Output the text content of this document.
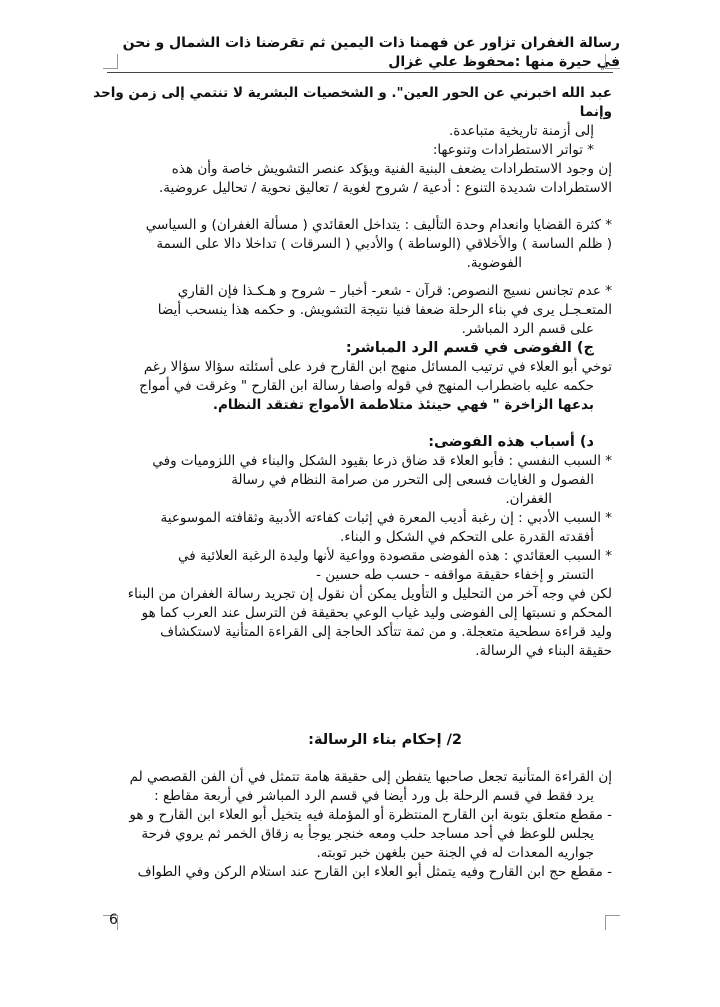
رسالة الغفران تزاور عن فهمنا ذات اليمين ثم تقرضنا ذات الشمال و نحن في حيرة منها :محفوظ علي غزال

عبد الله اخبرني عن الحور العين". و الشخصيات البشرية لا تنتمي إلى زمن واحد وإنما

إلى أزمنة تاريخية متباعدة.

* تواتر الاستطرادات وتنوعها:

إن وجود الاستطرادات يضعف البنية الفنية ويؤكد عنصر التشويش خاصة وأن هذه

الاستطرادات شديدة التنوع : أدعية / شروح لغوية / تعاليق نحوية / تحاليل عروضية.

* كثرة القضايا وانعدام وحدة التأليف : يتداخل العقائدي ( مسألة الغفران) و السياسي

( ظلم الساسة ) والأخلاقي (الوساطة ) والأدبي ( السرقات ) تداخلا دالا على السمة

الفوضوية.

* عدم تجانس نسيج النصوص: قرآن - شعر- أخبار – شروح و هـكـذا فإن القاري

المتعـجـل يرى في بناء الرحلة ضعفا فنيا نتيجة التشويش. و حكمه هذا ينسحب أيضا

على قسم الرد المباشر.

ج) الفوضى في قسم الرد المباشر:

توخي أبو العلاء في ترتيب المسائل منهج ابن القارح فرد على أسئلته سؤالا سؤالا رغم

حكمه عليه باضطراب المنهج في قوله واصفا رسالة ابن القارح " وغرقت في أمواج

بدعها الزاخرة " فهي حينئذ متلاطمة الأمواج تفتقد النظام.

د) أسباب هذه الفوضى:

* السبب النفسي : فأبو العلاء قد ضاق ذرعا بقيود الشكل والبناء في اللزوميات وفي

الفصول و الغايات فسعى إلى التحرر من صرامة النظام في رسالة

الغفران.

* السبب الأدبي : إن رغبة أديب المعرة في إثبات كفاءته الأدبية وثقافته الموسوعية

أفقدته القدرة على التحكم في الشكل و البناء.

* السبب العقائدي : هذه الفوضى مقصودة وواعية لأنها وليدة الرغبة العلائية في

التستر و إخفاء حقيقة مواقفه - حسب طه حسين -

لكن في وجه آخر من التحليل و التأويل يمكن أن نقول إن تجريد رسالة الغفران من البناء

المحكم و نسبتها إلى الفوضى وليد غياب الوعي بحقيقة فن الترسل عند العرب كما هو

وليد قراءة سطحية متعجلة. و من ثمة تتأكد الحاجة إلى القراءة المتأنية لاستكشاف

حقيقة البناء في الرسالة.

2/ إحكام بناء الرسالة:

إن القراءة المتأنية تجعل صاحبها يتفطن إلى حقيقة هامة تتمثل في أن الفن القصصي لم

يرد فقط في قسم الرحلة بل ورد أيضا في قسم الرد المباشر في أربعة مقاطع :

- مقطع متعلق بتوبة ابن القارح المنتظرة أو المؤملة فيه يتخيل أبو العلاء ابن القارح و هو

يجلس للوعظ في أحد مساجد حلب ومعه خنجر يوجأ به زقاق الخمر ثم يروي فرحة

جواريه المعدات له في الجنة حين بلغهن خبر توبته.

- مقطع حج ابن القارح وفيه يتمثل أبو العلاء ابن القارح عند استلام الركن وفي الطواف

6
